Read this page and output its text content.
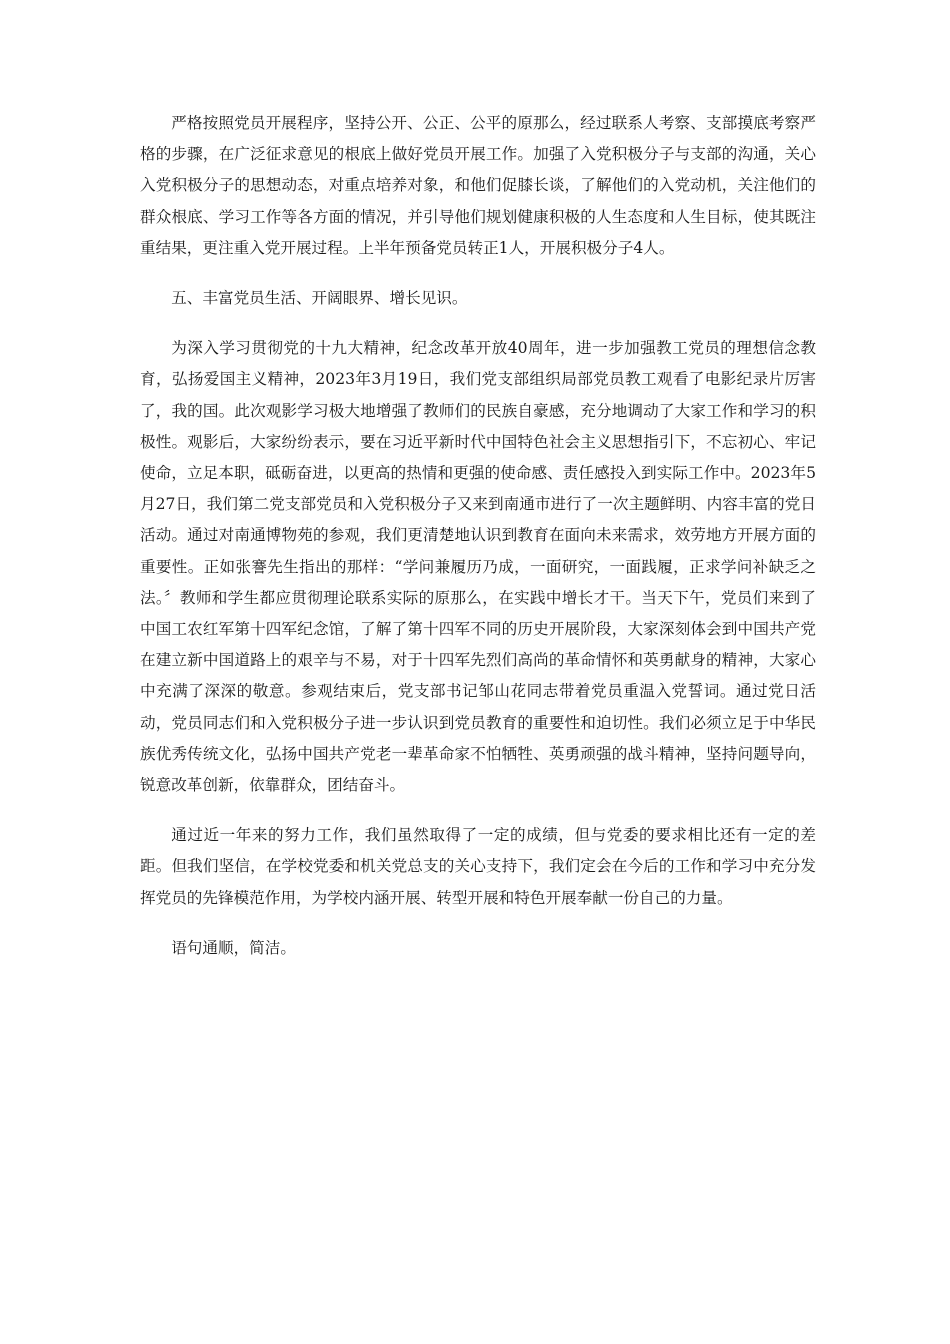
严格按照党员开展程序，坚持公开、公正、公平的原那么，经过联系人考察、支部摸底考察严格的步骤，在广泛征求意见的根底上做好党员开展工作。加强了入党积极分子与支部的沟通，关心入党积极分子的思想动态，对重点培养对象，和他们促膝长谈，了解他们的入党动机，关注他们的群众根底、学习工作等各方面的情况，并引导他们规划健康积极的人生态度和人生目标，使其既注重结果，更注重入党开展过程。上半年预备党员转正1人，开展积极分子4人。

五、丰富党员生活、开阔眼界、增长见识。

为深入学习贯彻党的十九大精神，纪念改革开放40周年，进一步加强教工党员的理想信念教育，弘扬爱国主义精神，2023年3月19日，我们党支部组织局部党员教工观看了电影纪录片厉害了，我的国。此次观影学习极大地增强了教师们的民族自豪感，充分地调动了大家工作和学习的积极性。观影后，大家纷纷表示，要在习近平新时代中国特色社会主义思想指引下，不忘初心、牢记使命，立足本职，砥砺奋进，以更高的热情和更强的使命感、责任感投入到实际工作中。2023年5月27日，我们第二党支部党员和入党积极分子又来到南通市进行了一次主题鲜明、内容丰富的党日活动。通过对南通博物苑的参观，我们更清楚地认识到教育在面向未来需求，效劳地方开展方面的重要性。正如张謇先生指出的那样：“学问兼履历乃成，一面研究，一面践履，正求学问补缺乏之法。〞教师和学生都应贯彻理论联系实际的原那么，在实践中增长才干。当天下午，党员们来到了中国工农红军第十四军纪念馆，了解了第十四军不同的历史开展阶段，大家深刻体会到中国共产党在建立新中国道路上的艰辛与不易，对于十四军先烈们高尚的革命情怀和英勇献身的精神，大家心中充满了深深的敬意。参观结束后，党支部书记邹山花同志带着党员重温入党誓词。通过党日活动，党员同志们和入党积极分子进一步认识到党员教育的重要性和迫切性。我们必须立足于中华民族优秀传统文化，弘扬中国共产党老一辈革命家不怕牺牲、英勇顽强的战斗精神，坚持问题导向，锐意改革创新，依靠群众，团结奋斗。

通过近一年来的努力工作，我们虽然取得了一定的成绩，但与党委的要求相比还有一定的差距。但我们坚信，在学校党委和机关党总支的关心支持下，我们定会在今后的工作和学习中充分发挥党员的先锋模范作用，为学校内涵开展、转型开展和特色开展奉献一份自己的力量。

语句通顺，简洁。
